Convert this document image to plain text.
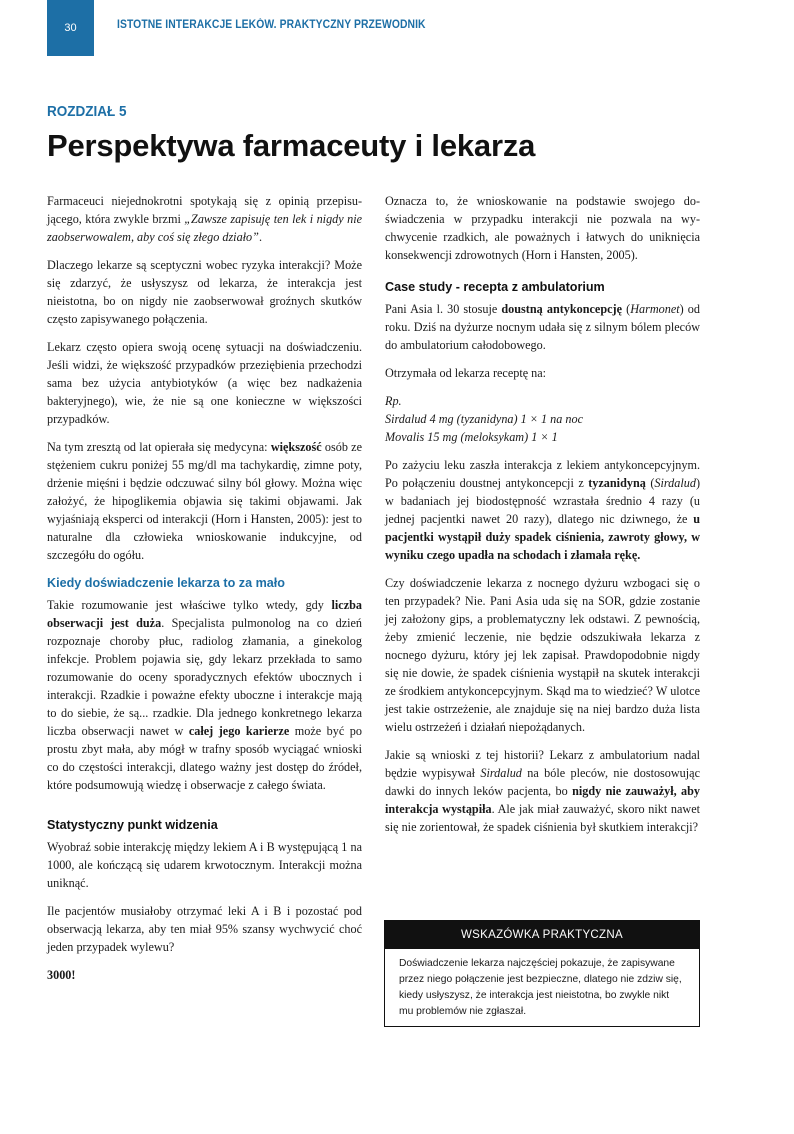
30	ISTOTNE INTERAKCJE LEKÓW. PRAKTYCZNY PRZEWODNIK
ROZDZIAŁ 5
Perspektywa farmaceuty i lekarza

Farmaceuci niejednokrotni spotykają się z opinią przepisującego, która zwykle brzmi „Zawsze zapisuję ten lek i nigdy nie zaobserwowalem, aby coś się złego działo”.

Dlaczego lekarze są sceptyczni wobec ryzyka interakcji? Może się zdarzyć, że usłyszysz od lekarza, że interakcja jest nieistotna, bo on nigdy nie zaobserwował groźnych skutków często zapisywanego połączenia.

Lekarz często opiera swoją ocenę sytuacji na doświadczeniu. Jeśli widzi, że większość przypadków przeziębienia przechodzi sama bez użycia antybiotyków (a więc bez nadkażenia bakteryjnego), wie, że nie są one konieczne w większości przypadków.

Na tym zresztą od lat opierała się medycyna: większość osób ze stężeniem cukru poniżej 55 mg/dl ma tachykardię, zimne poty, drżenie mięśni i będzie odczuwać silny ból głowy. Można więc założyć, że hipoglikemia objawia się takimi objawami. Jak wyjaśniają eksperci od interakcji (Horn i Hansten, 2005): jest to naturalne dla człowieka wnioskowanie indukcyjne, od szczegółu do ogółu.

Kiedy doświadczenie lekarza to za mało

Takie rozumowanie jest właściwe tylko wtedy, gdy liczba obserwacji jest duża. Specjalista pulmonolog na co dzień rozpoznaje choroby płuc, radiolog złamania, a ginekolog infekcje. Problem pojawia się, gdy lekarz przekłada to samo rozumowanie do oceny sporadycznych efektów ubocznych i interakcji. Rzadkie i poważne efekty uboczne i interakcje mają to do siebie, że są... rzadkie. Dla jednego konkretnego lekarza liczba obserwacji nawet w całej jego karierze może być po prostu zbyt mała, aby mógł w trafny sposób wyciągać wnioski co do częstości interakcji, dlatego ważny jest dostęp do źródeł, które podsumowują wiedzę i obserwacje z całego świata.

Statystyczny punkt widzenia

Wyobraź sobie interakcję między lekiem A i B występującą 1 na 1000, ale kończącą się udarem krwotocznym. Interakcji można uniknąć.

Ile pacjentów musiałoby otrzymać leki A i B i pozostać pod obserwacją lekarza, aby ten miał 95% szansy wychwycić choć jeden przypadek wylewu?

3000!

Oznacza to, że wnioskowanie na podstawie swojego doświadczenia w przypadku interakcji nie pozwala na wychwycenie rzadkich, ale poważnych i łatwych do uniknięcia konsekwencji zdrowotnych (Horn i Hansten, 2005).

Case study - recepta z ambulatorium

Pani Asia l. 30 stosuje doustną antykoncepcję (Harmonet) od roku. Dziś na dyżurze nocnym udała się z silnym bólem pleców do ambulatorium całodobowego.

Otrzymała od lekarza receptę na:

Rp.

Sirdalud 4 mg (tyzanidyna) 1 × 1 na noc

Movalis 15 mg (meloksykam) 1 × 1

Po zażyciu leku zaszła interakcja z lekiem antykoncepcyjnym. Po połączeniu doustnej antykoncepcji z tyzanidyną (Sirdalud) w badaniach jej biodostępność wzrastała średnio 4 razy (u jednej pacjentki nawet 20 razy), dlatego nic dziwnego, że u pacjentki wystąpił duży spadek ciśnienia, zawroty głowy, w wyniku czego upadła na schodach i złamała rękę.

Czy doświadczenie lekarza z nocnego dyżuru wzbogaci się o ten przypadek? Nie. Pani Asia uda się na SOR, gdzie zostanie jej założony gips, a problematyczny lek odstawi. Z pewnością, żeby zmienić leczenie, nie będzie odszukiwała lekarza z nocnego dyżuru, który jej lek zapisał. Prawdopodobnie nigdy się nie dowie, że spadek ciśnienia wystąpił na skutek interakcji ze środkiem antykoncepcyjnym. Skąd ma to wiedzieć? W ulotce jest takie ostrzeżenie, ale znajduje się na niej bardzo duża lista wielu ostrzeżeń i działań niepożądanych.

Jakie są wnioski z tej historii? Lekarz z ambulatorium nadal będzie wypisywał Sirdalud na bóle pleców, nie dostosowując dawki do innych leków pacjenta, bo nigdy nie zauważył, aby interakcja wystąpiła. Ale jak miał zauważyć, skoro nikt nawet się nie zorientował, że spadek ciśnienia był skutkiem interakcji?

WSKAZÓWKA PRAKTYCZNA
Doświadczenie lekarza najczęściej pokazuje, że zapisywane przez niego połączenie jest bezpieczne, dlatego nie zdziw się, kiedy usłyszysz, że interakcja jest nieistotna, bo zwykle nikt mu problemów nie zgłaszał.
